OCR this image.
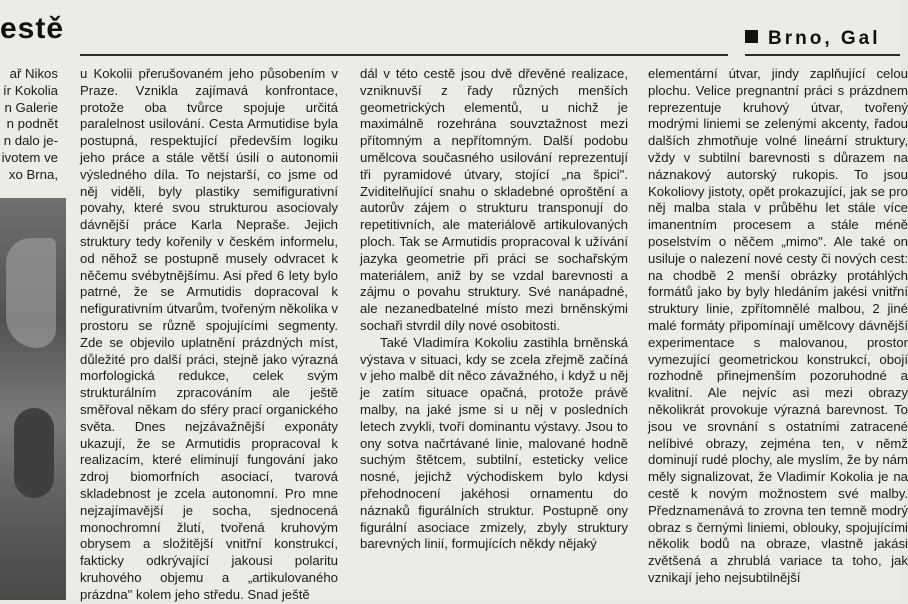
estě	Brno, Gal
ař Nikos
ír Kokolia
n Galerie
n podnět
n dalo je-
ivotem ve
xo Brna,

u Kokolii přerušovaném jeho působením v Praze. Vznikla zajímavá konfrontace, protože oba tvůrce spojuje určitá paralelnost usilování. Cesta Armutidise byla postupná, respektující především logiku jeho práce a stále větší úsilí o autonomii výsledného díla. To nejstarší, co jsme od něj viděli, byly plastiky semifigurativní povahy, které svou strukturou asociovaly dávnější práce Karla Nepraše. Jejich struktury tedy kořenily v českém informelu, od něhož se postupně musely odvracet k něčemu svébytnějšímu. Asi před 6 lety bylo patrné, že se Armutidis dopracoval k nefigurativním útvarům, tvořeným několika v prostoru se různě spojujícími segmenty. Zde se objevilo uplatnění prázdných míst, důležité pro další práci, stejně jako výrazná morfologická redukce, celek svým strukturálním zpracováním ale ještě směřoval někam do sféry prací organického světa. Dnes nejzávažnější exponáty ukazují, že se Armutidis propracoval k realizacím, které eliminují fungování jako zdroj biomorfních asociací, tvarová skladebnost je zcela autonomní. Pro mne nejzajímavější je socha, sjednocená monochromní žlutí, tvořená kruhovým obrysem a složitější vnitřní konstrukcí, fakticky odkrývající jakousi polaritu kruhového objemu a „artikulovaného prázdna" kolem jeho středu. Snad ještě

dál v této cestě jsou dvě dřevěné realizace, vzniknuvší z řady různých menších geometrických elementů, u nichž je maximálně rozehrána souvztažnost mezi přítomným a nepřítomným. Další podobu umělcova současného usilování reprezentují tři pyramidové útvary, stojící „na špici". Zviditelňující snahu o skladebné oproštění a autorův zájem o strukturu transponují do repetitivních, ale materiálově artikulovaných ploch. Tak se Armutidis propracoval k užívání jazyka geometrie při práci se sochařským materiálem, aniž by se vzdal barevnosti a zájmu o povahu struktury. Své nanápadné, ale nezanedbatelné místo mezi brněnskými sochaři stvrdil díly nové osobitosti.

Také Vladimíra Kokoliu zastihla brněnská výstava v situaci, kdy se zcela zřejmě začíná v jeho malbě dít něco závažného, i když u něj je zatím situace opačná, protože právě malby, na jaké jsme si u něj v posledních letech zvykli, tvoří dominantu výstavy. Jsou to ony sotva načrtávané linie, malované hodně suchým štětcem, subtilní, esteticky velice nosné, jejichž východiskem bylo kdysi přehodnocení jakéhosi ornamentu do náznaků figurálních struktur. Postupně ony figurální asociace zmizely, zbyly struktury barevných linií, formujících někdy nějaký

elementární útvar, jindy zaplňující celou plochu. Velice pregnantní práci s prázdnem reprezentuje kruhový útvar, tvořený modrými liniemi se zelenými akcenty, řadou dalších zhmotňuje volné lineární struktury, vždy v subtilní barevnosti s důrazem na náznakový autorský rukopis. To jsou Kokoliovy jistoty, opět prokazující, jak se pro něj malba stala v průběhu let stále více imanentním procesem a stále méně poselstvím o něčem „mimo". Ale také on usiluje o nalezení nové cesty či nových cest: na chodbě 2 menší obrázky protáhlých formátů jako by byly hledáním jakési vnitřní struktury linie, zpřítomnělé malbou, 2 jiné malé formáty připomínají umělcovy dávnější experimentace s malovanou, prostor vymezující geometrickou konstrukcí, obojí rozhodně přinejmenším pozoruhodné a kvalitní. Ale nejvíc asi mezi obrazy několikrát provokuje výrazná barevnost. To jsou ve srovnání s ostatními zatracené nelíbivé obrazy, zejména ten, v němž dominují rudé plochy, ale myslím, že by nám měly signalizovat, že Vladimír Kokolia je na cestě k novým možnostem své malby. Předznamenává to zrovna ten temně modrý obraz s černými liniemi, oblouky, spojujícími několik bodů na obraze, vlastně jakási zvětšená a zhrublá variace ta toho, jak vznikají jeho nejsubtilnější
